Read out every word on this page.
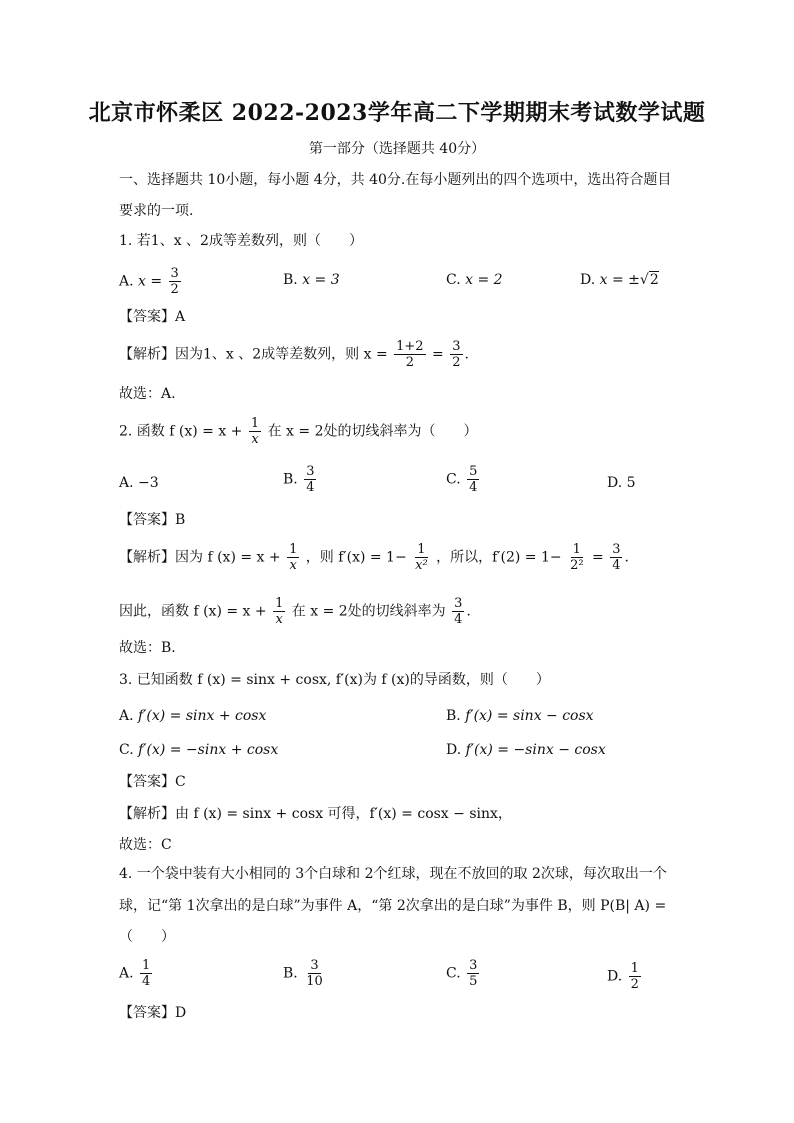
北京市怀柔区 2022-2023学年高二下学期期末考试数学试题
第一部分（选择题共 40分）
一、选择题共 10小题，每小题 4分，共 40分.在每小题列出的四个选项中，选出符合题目
要求的一项.
1. 若1、x 、2成等差数列，则（　　）
A. $x = \frac{3}{2}$	B. x = 3	C. x = 2	D. x = ±√2
【答案】A
【解析】因为1、x 、2成等差数列，则 $x = \frac{1+2}{2} = \frac{3}{2}$ .
故选：A.
2. 函数 f $(x) = x + \frac{1}{x}$ 在 x = 2处的切线斜率为（　　）
A. −3	B. $\frac{3}{4}$	C. $\frac{5}{4}$	D. 5
【答案】B
【解析】因为 f $(x) = x + \frac{1}{x}$ ，则 $f'(x) = 1- \frac{1}{\text{x²}}$ ，所以，$f'(2) = 1- \frac{1}{\text{2²}} = \frac{3}{4}$ .
因此，函数 f $(x) = x + \frac{1}{x}$ 在 x = 2处的切线斜率为 $\frac{3}{4}$ .
故选：B.
3. 已知函数 f (x) = sinx + cosx, f′(x)为 f (x)的导函数，则（　　）
A. f′(x) = sinx + cosx	B. f′(x) = sinx − cosx
C. f′(x) = −sinx + cosx	D. f′(x) = −sinx − cosx
【答案】C
【解析】由 f (x) = sinx + cosx 可得，f′(x) = cosx − sinx，
故选：C
4. 一个袋中装有大小相同的 3个白球和 2个红球，现在不放回的取 2次球，每次取出一个
球，记“第 1次拿出的是白球”为事件 A，“第 2次拿出的是白球”为事件 B，则 P(B| A) =
（　　）
A. $\frac{1}{4}$	B. $\frac{3}{10}$	C. $\frac{3}{5}$	D. $\frac{1}{2}$
【答案】D
